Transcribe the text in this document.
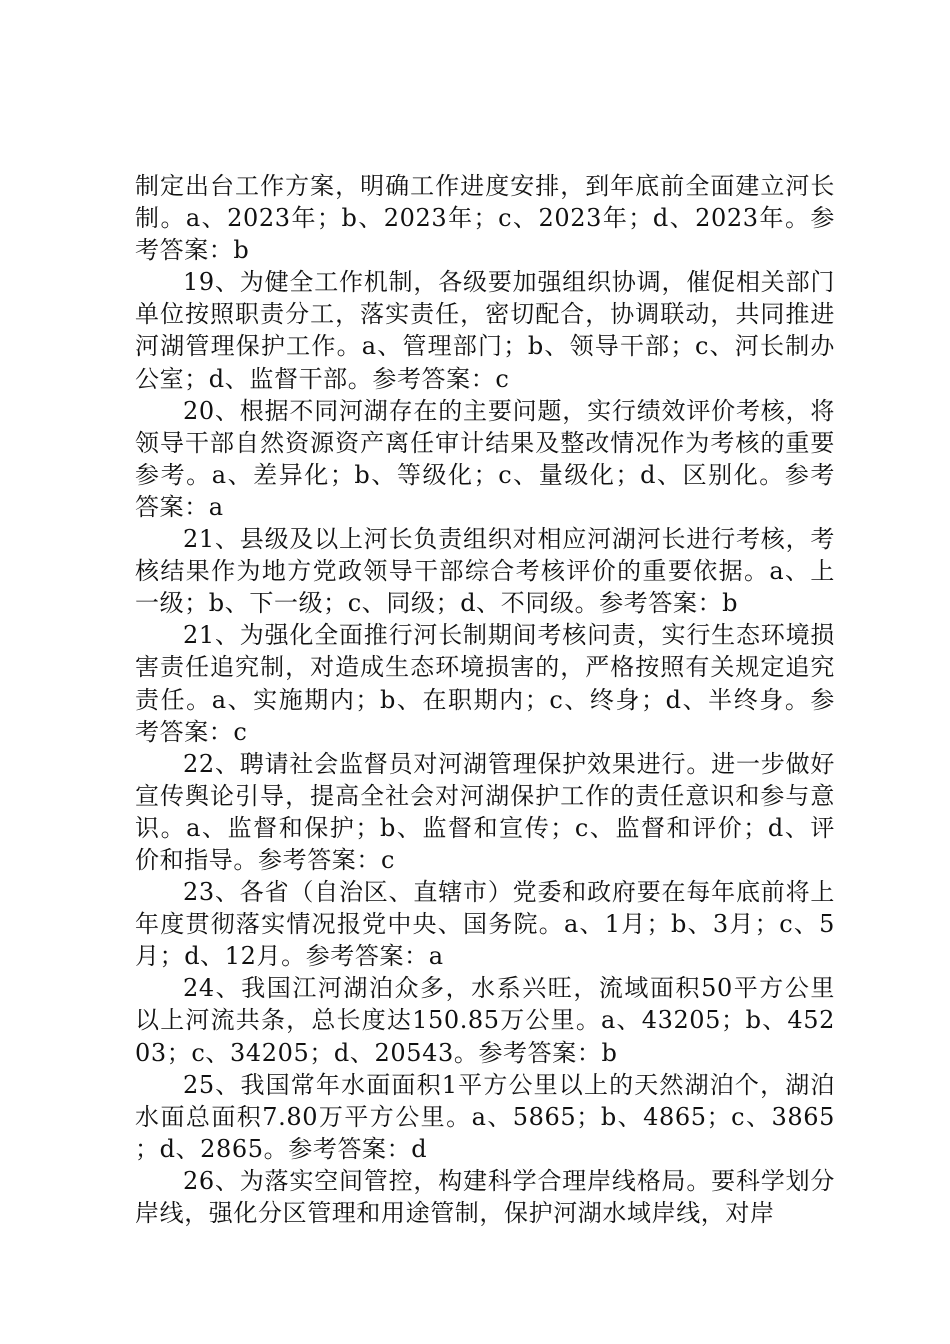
制定出台工作方案，明确工作进度安排，到年底前全面建立河长制。a、2023年；b、2023年；c、2023年；d、2023年。参考答案：b

19、为健全工作机制，各级要加强组织协调，催促相关部门单位按照职责分工，落实责任，密切配合，协调联动，共同推进河湖管理保护工作。a、管理部门；b、领导干部；c、河长制办公室；d、监督干部。参考答案：c

20、根据不同河湖存在的主要问题，实行绩效评价考核，将领导干部自然资源资产离任审计结果及整改情况作为考核的重要参考。a、差异化；b、等级化；c、量级化；d、区别化。参考答案：a

21、县级及以上河长负责组织对相应河湖河长进行考核，考核结果作为地方党政领导干部综合考核评价的重要依据。a、上一级；b、下一级；c、同级；d、不同级。参考答案：b

21、为强化全面推行河长制期间考核问责，实行生态环境损害责任追究制，对造成生态环境损害的，严格按照有关规定追究责任。a、实施期内；b、在职期内；c、终身；d、半终身。参考答案：c

22、聘请社会监督员对河湖管理保护效果进行。进一步做好宣传舆论引导，提高全社会对河湖保护工作的责任意识和参与意识。a、监督和保护；b、监督和宣传；c、监督和评价；d、评价和指导。参考答案：c

23、各省（自治区、直辖市）党委和政府要在每年底前将上年度贯彻落实情况报党中央、国务院。a、1月；b、3月；c、5月；d、12月。参考答案：a

24、我国江河湖泊众多，水系兴旺，流域面积50平方公里以上河流共条，总长度达150.85万公里。a、43205；b、45203；c、34205；d、20543。参考答案：b

25、我国常年水面面积1平方公里以上的天然湖泊个，湖泊水面总面积7.80万平方公里。a、5865；b、4865；c、3865；d、2865。参考答案：d

26、为落实空间管控，构建科学合理岸线格局。要科学划分岸线，强化分区管理和用途管制，保护河湖水域岸线，对岸
